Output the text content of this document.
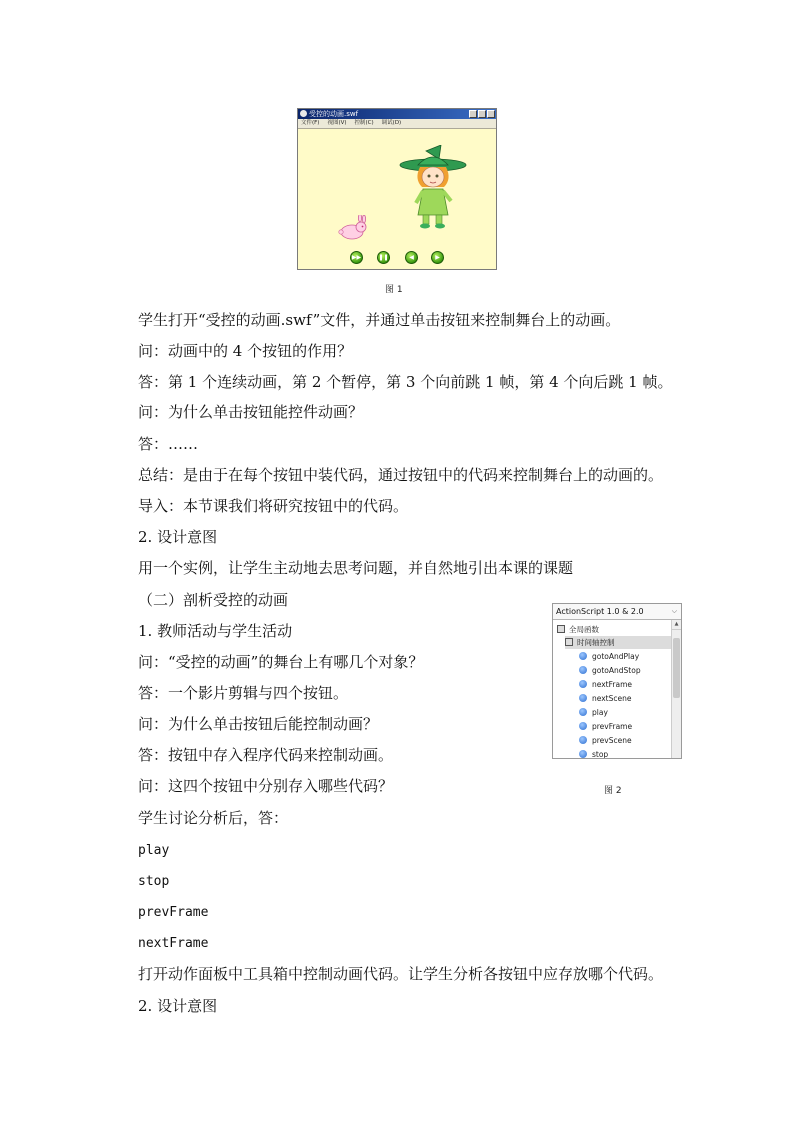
受控的动画.swf
文件(F) 视图(V) 控制(C) 调试(D)
▶▶	❚❚	◀	▶
图 1
学生打开“受控的动画.swf”文件，并通过单击按钮来控制舞台上的动画。
问：动画中的 4 个按钮的作用？
答：第 1 个连续动画，第 2 个暂停，第 3 个向前跳 1 帧，第 4 个向后跳 1 帧。
问：为什么单击按钮能控件动画？
答：……
总结：是由于在每个按钮中装代码，通过按钮中的代码来控制舞台上的动画的。
导入：本节课我们将研究按钮中的代码。
2. 设计意图
用一个实例，让学生主动地去思考问题，并自然地引出本课的课题
（二）剖析受控的动画
1. 教师活动与学生活动
问：“受控的动画”的舞台上有哪几个对象？
答：一个影片剪辑与四个按钮。
问：为什么单击按钮后能控制动画？
答：按钮中存入程序代码来控制动画。
问：这四个按钮中分别存入哪些代码？
学生讨论分析后，答：
play
stop
prevFrame
nextFrame
打开动作面板中工具箱中控制动画代码。让学生分析各按钮中应存放哪个代码。
2. 设计意图
ActionScript 1.0 & 2.0	⌵
全局函数
时间轴控制
gotoAndPlay
gotoAndStop
nextFrame
nextScene
play
prevFrame
prevScene
stop
▲
图 2
